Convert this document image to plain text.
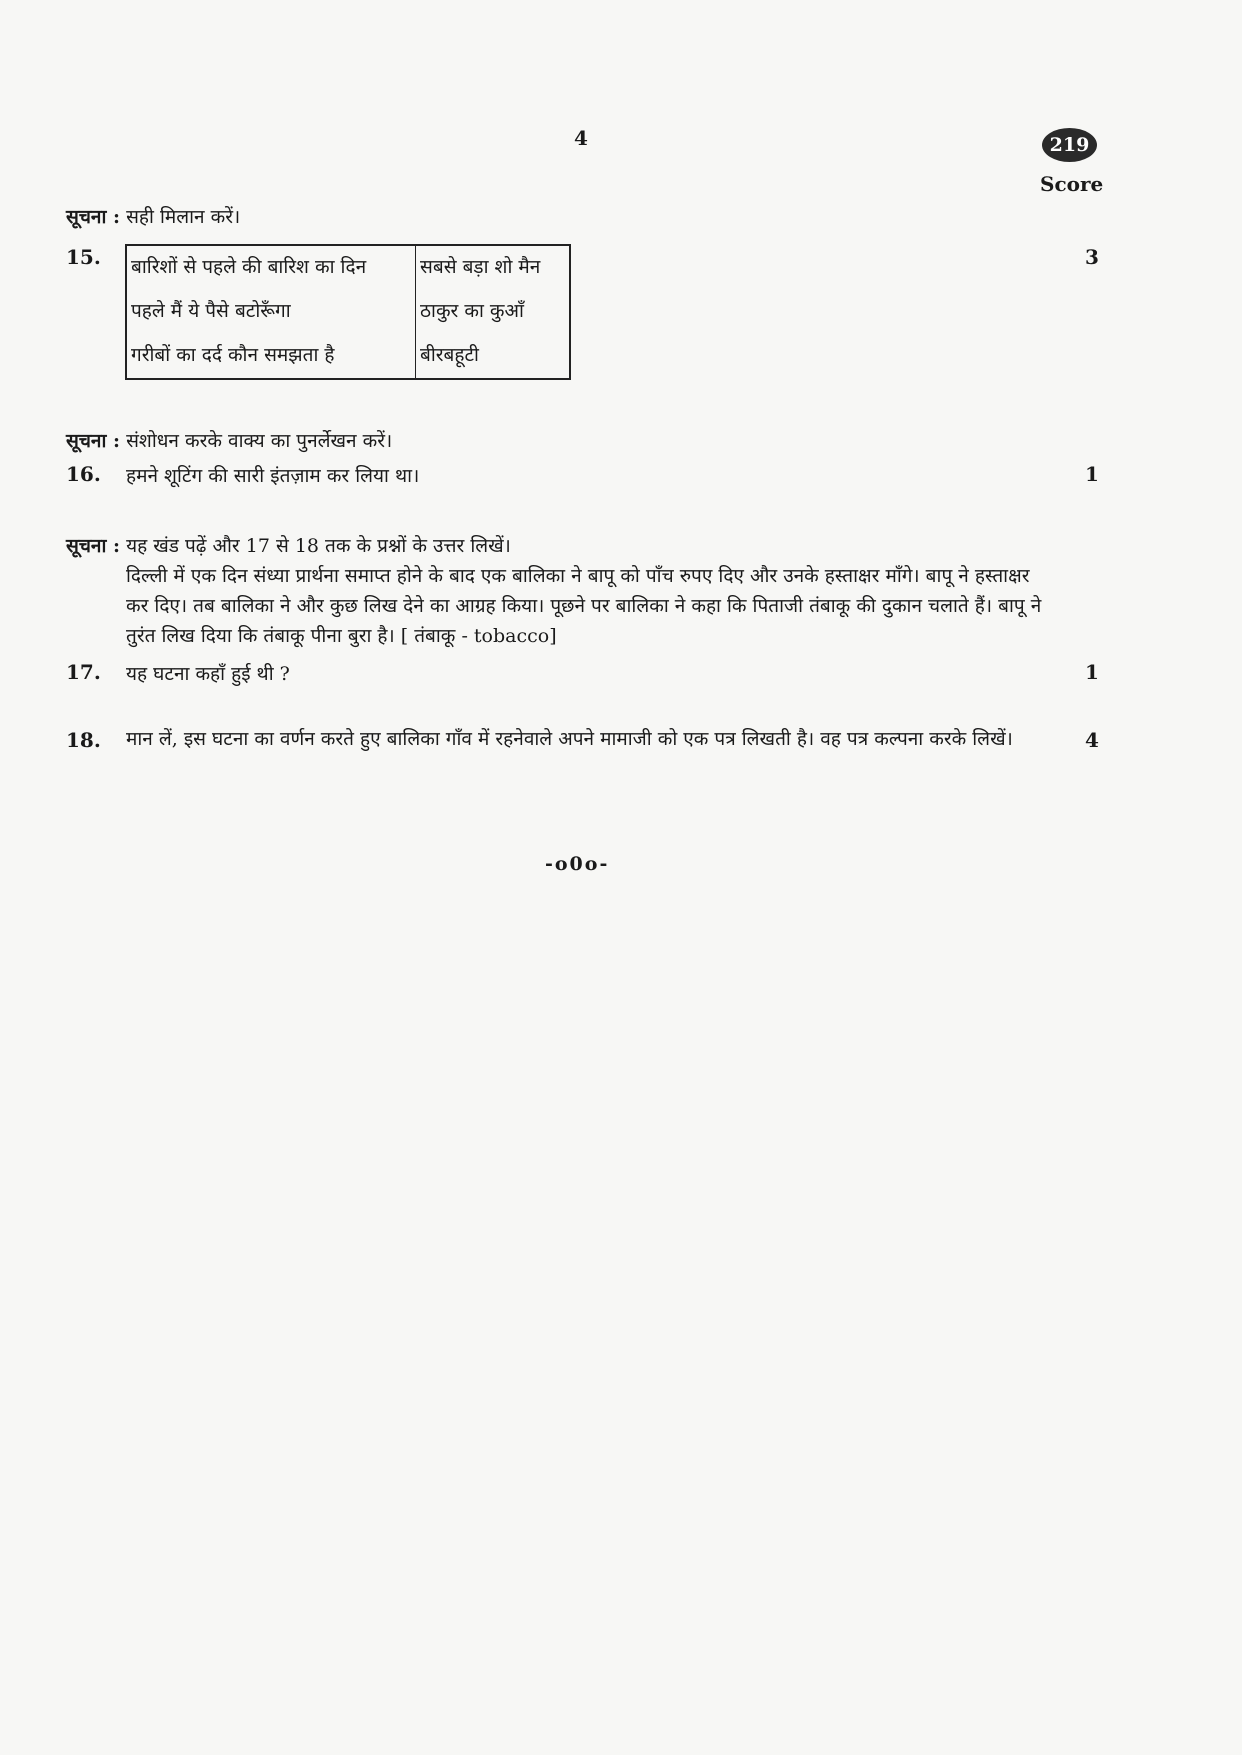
4	219
Score
सूचना : सही मिलान करें।
15. बारिशों से पहले की बारिश का दिन	सबसे बड़ा शो मैन
पहले मैं ये पैसे बटोरूँगा	ठाकुर का कुआँ
गरीबों का दर्द कौन समझता है	बीरबहूटी
3
सूचना : संशोधन करके वाक्य का पुनर्लेखन करें।
16. हमने शूटिंग की सारी इंतज़ाम कर लिया था।	1
सूचना : यह खंड पढ़ें और 17 से 18 तक के प्रश्नों के उत्तर लिखें।
दिल्ली में एक दिन संध्या प्रार्थना समाप्त होने के बाद एक बालिका ने बापू को पाँच रुपए दिए और उनके हस्ताक्षर माँगे। बापू ने हस्ताक्षर कर दिए। तब बालिका ने और कुछ लिख देने का आग्रह किया। पूछने पर बालिका ने कहा कि पिताजी तंबाकू की दुकान चलाते हैं। बापू ने तुरंत लिख दिया कि तंबाकू पीना बुरा है। [ तंबाकू - tobacco]
17. यह घटना कहाँ हुई थी ?	1
18. मान लें, इस घटना का वर्णन करते हुए बालिका गाँव में रहनेवाले अपने मामाजी को एक पत्र लिखती है। वह पत्र कल्पना करके लिखें।	4
-o0o-
